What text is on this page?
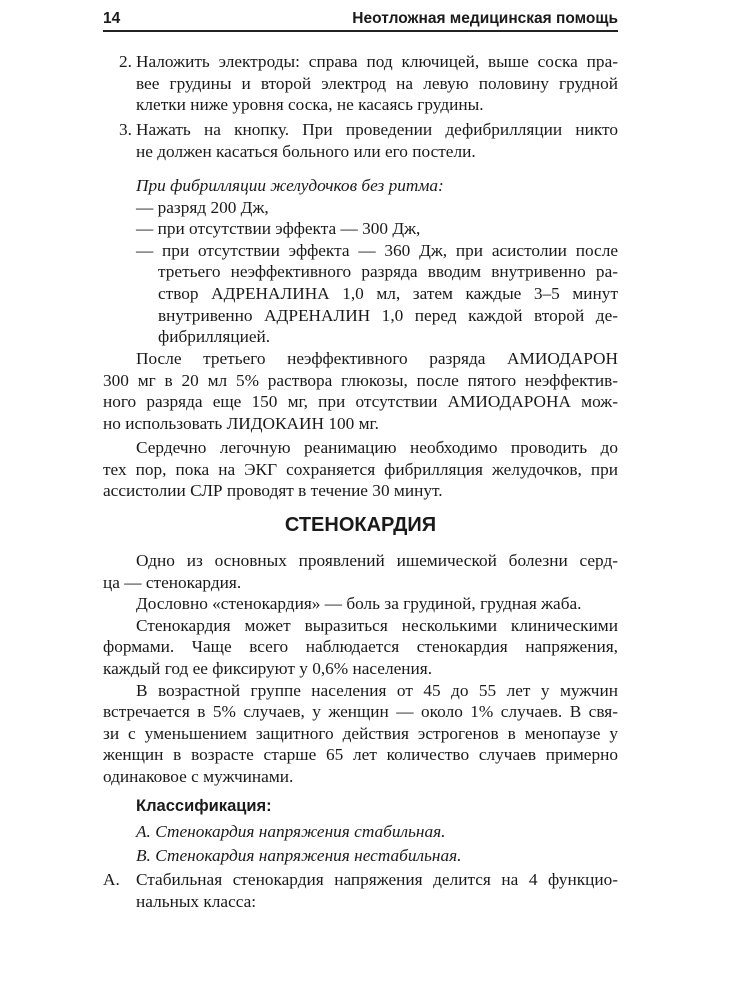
14	Неотложная медицинская помощь
2. Наложить электроды: справа под ключицей, выше соска пра-
вее грудины и второй электрод на левую половину грудной
клетки ниже уровня соска, не касаясь грудины.
3. Нажать на кнопку. При проведении дефибрилляции никто
не должен касаться больного или его постели.
При фибрилляции желудочков без ритма:
— разряд 200 Дж,
— при отсутствии эффекта — 300 Дж,
— при отсутствии эффекта — 360 Дж, при асистолии после
третьего неэффективного разряда вводим внутривенно ра-
створ АДРЕНАЛИНА 1,0 мл, затем каждые 3–5 минут
внутривенно АДРЕНАЛИН 1,0 перед каждой второй де-
фибрилляцией.
После третьего неэффективного разряда АМИОДАРОН
300 мг в 20 мл 5% раствора глюкозы, после пятого неэффектив-
ного разряда еще 150 мг, при отсутствии АМИОДАРОНА мож-
но использовать ЛИДОКАИН 100 мг.
Сердечно легочную реанимацию необходимо проводить до
тех пор, пока на ЭКГ сохраняется фибрилляция желудочков, при
ассистолии СЛР проводят в течение 30 минут.
СТЕНОКАРДИЯ
Одно из основных проявлений ишемической болезни серд-
ца — стенокардия.
Дословно «стенокардия» — боль за грудиной, грудная жаба.
Стенокардия может выразиться несколькими клиническими
формами. Чаще всего наблюдается стенокардия напряжения,
каждый год ее фиксируют у 0,6% населения.
В возрастной группе населения от 45 до 55 лет у мужчин
встречается в 5% случаев, у женщин — около 1% случаев. В свя-
зи с уменьшением защитного действия эстрогенов в менопаузе у
женщин в возрасте старше 65 лет количество случаев примерно
одинаковое с мужчинами.
Классификация:
А. Стенокардия напряжения стабильная.
В. Стенокардия напряжения нестабильная.
А. Стабильная стенокардия напряжения делится на 4 функцио-
нальных класса:
